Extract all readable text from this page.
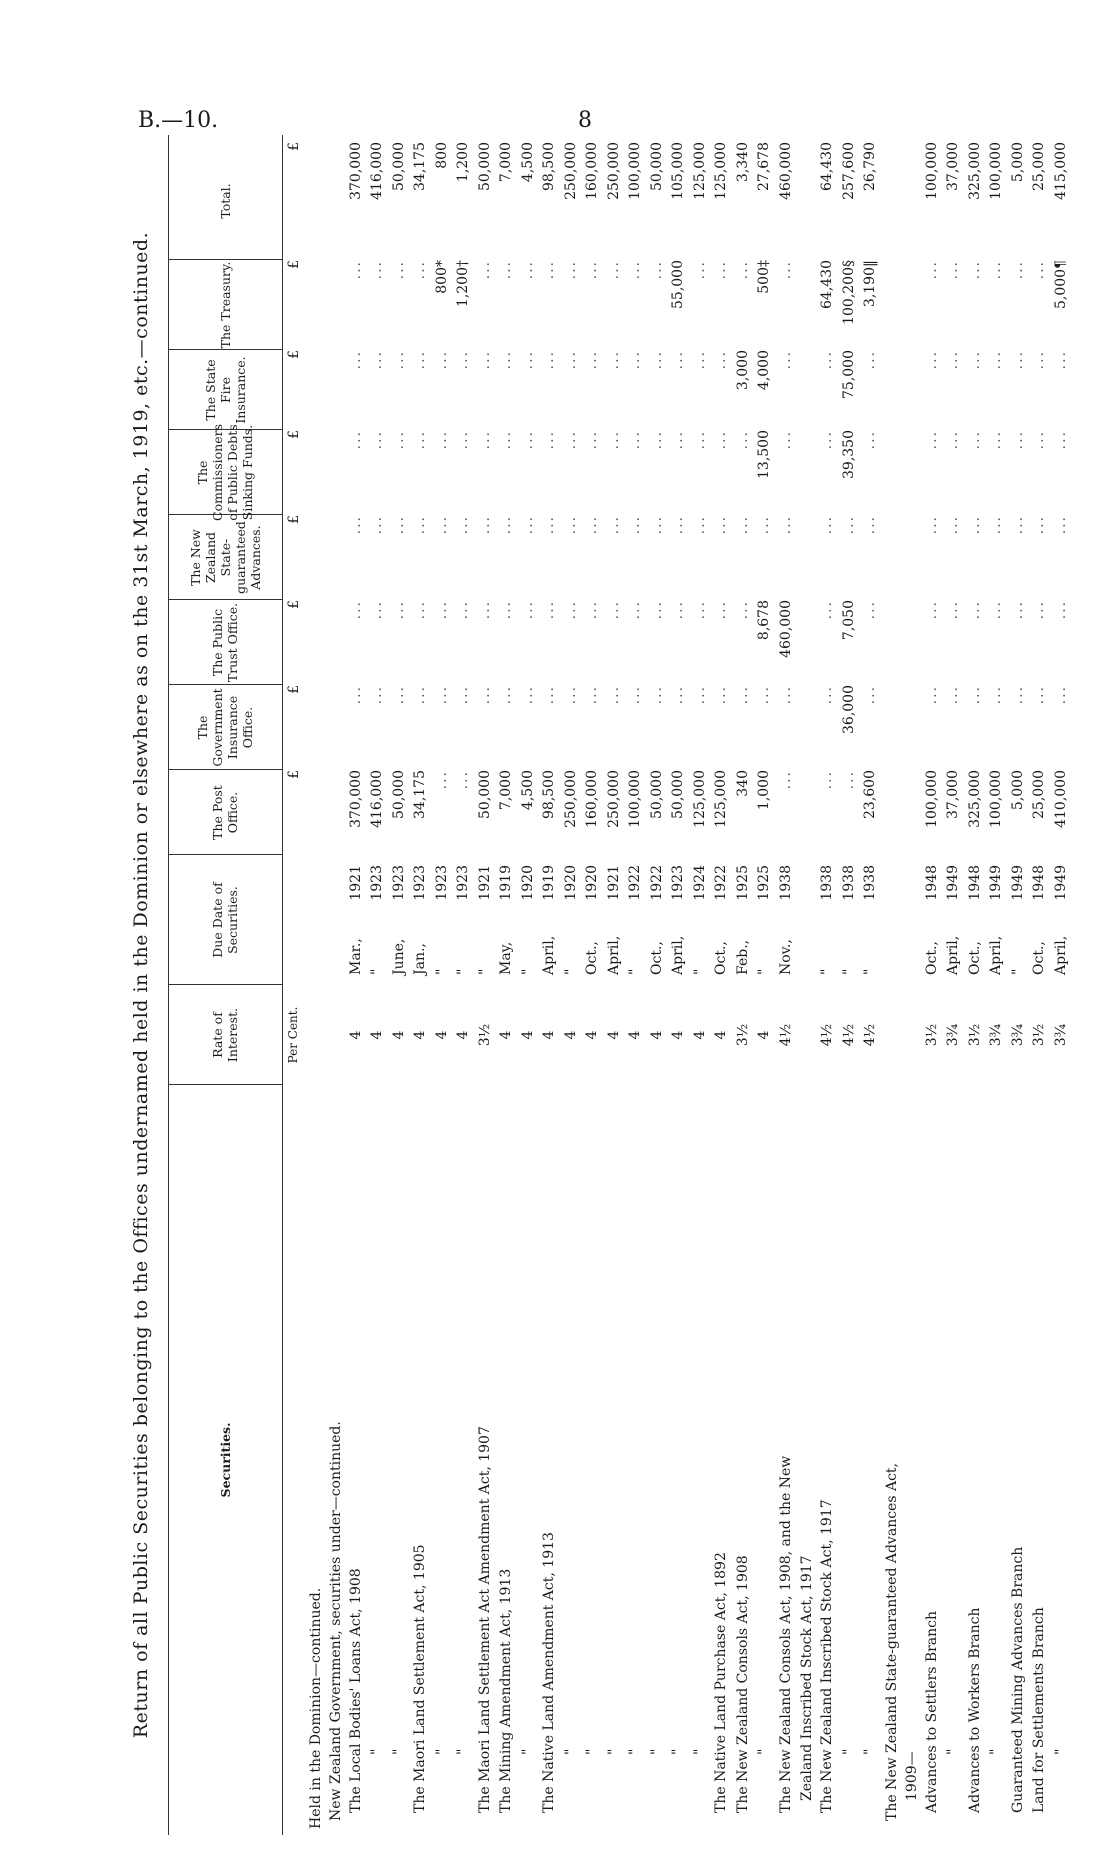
B.—10.	8
Return of all Public Securities belonging to the Offices undernamed held in the Dominion or elsewhere as on the 31st March, 1919, etc.—continued.	Securities.
Rate of Interest.
Due Date of Securities.
The Post Office.
The Government Insurance Office.
The Public Trust Office.
The New Zealand State-guaranteed Advances.
The Commissioners of Public Debts Sinking Funds.
The State Fire Insurance.
The Treasury.
Total.
Per Cent.
£
£
£
£
£
£
£
£
Held in the Dominion—continued. New Zealand Government, securities under—continued. The Local Bodies' Loans Act, 1908
4
Mar.,
1921
370,000
...
...
...
...
...
...
370,000
"
4
"
1923
416,000
...
...
...
...
...
...
416,000
"
4
June,
1923
50,000
...
...
...
...
...
...
50,000
The Maori Land Settlement Act, 1905
4
Jan.,
1923
34,175
...
...
...
...
...
...
34,175
"
4
"
1923
...
...
...
...
...
...
800*
800
"
4
"
1923
...
...
...
...
...
...
1,200†
1,200
The Maori Land Settlement Act Amendment Act, 1907
3½
"
1921
50,000
...
...
...
...
...
...
50,000
The Mining Amendment Act, 1913
4
May,
1919
7,000
...
...
...
...
...
...
7,000
"
4
"
1920
4,500
...
...
...
...
...
...
4,500
The Native Land Amendment Act, 1913
4
April,
1919
98,500
...
...
...
...
...
...
98,500
"
4
"
1920
250,000
...
...
...
...
...
...
250,000
"
4
Oct.,
1920
160,000
...
...
...
...
...
...
160,000
"
4
April,
1921
250,000
...
...
...
...
...
...
250,000
"
4
"
1922
100,000
...
...
...
...
...
...
100,000
"
4
Oct.,
1922
50,000
...
...
...
...
...
...
50,000
"
4
April,
1923
50,000
...
...
...
...
...
55,000
105,000
"
4
"
1924
125,000
...
...
...
...
...
...
125,000
The Native Land Purchase Act, 1892
4
Oct.,
1922
125,000
...
...
...
...
...
...
125,000
The New Zealand Consols Act, 1908
3½
Feb.,
1925
340
...
...
...
...
3,000
...
3,340
"
4
"
1925
1,000
...
8,678
...
13,500
4,000
500‡
27,678
The New Zealand Consols Act, 1908, and the New
4½
Nov.,
1938
...
...
460,000
...
...
...
...
460,000
Zealand Inscribed Stock Act, 1917 The New Zealand Inscribed Stock Act, 1917
4½
"
1938
...
...
...
...
...
...
64,430
64,430
"
4½
"
1938
...
36,000
7,050
...
39,350
75,000
100,200§
257,600
"
4½
"
1938
23,600
...
...
...
...
...
3,190‖
26,790
The New Zealand State-guaranteed Advances Act, 1909— Advances to Settlers Branch
3½
Oct.,
1948
100,000
...
...
...
...
...
...
100,000
"
3¾
April,
1949
37,000
...
...
...
...
...
...
37,000
Advances to Workers Branch
3½
Oct.,
1948
325,000
...
...
...
...
...
...
325,000
"
3¾
April,
1949
100,000
...
...
...
...
...
...
100,000
Guaranteed Mining Advances Branch
3¾
"
1949
5,000
...
...
...
...
...
...
5,000
Land for Settlements Branch
3½
Oct.,
1948
25,000
...
...
...
...
...
...
25,000
"
3¾
April,
1949
410,000
...
...
...
...
...
5,000¶
415,000
